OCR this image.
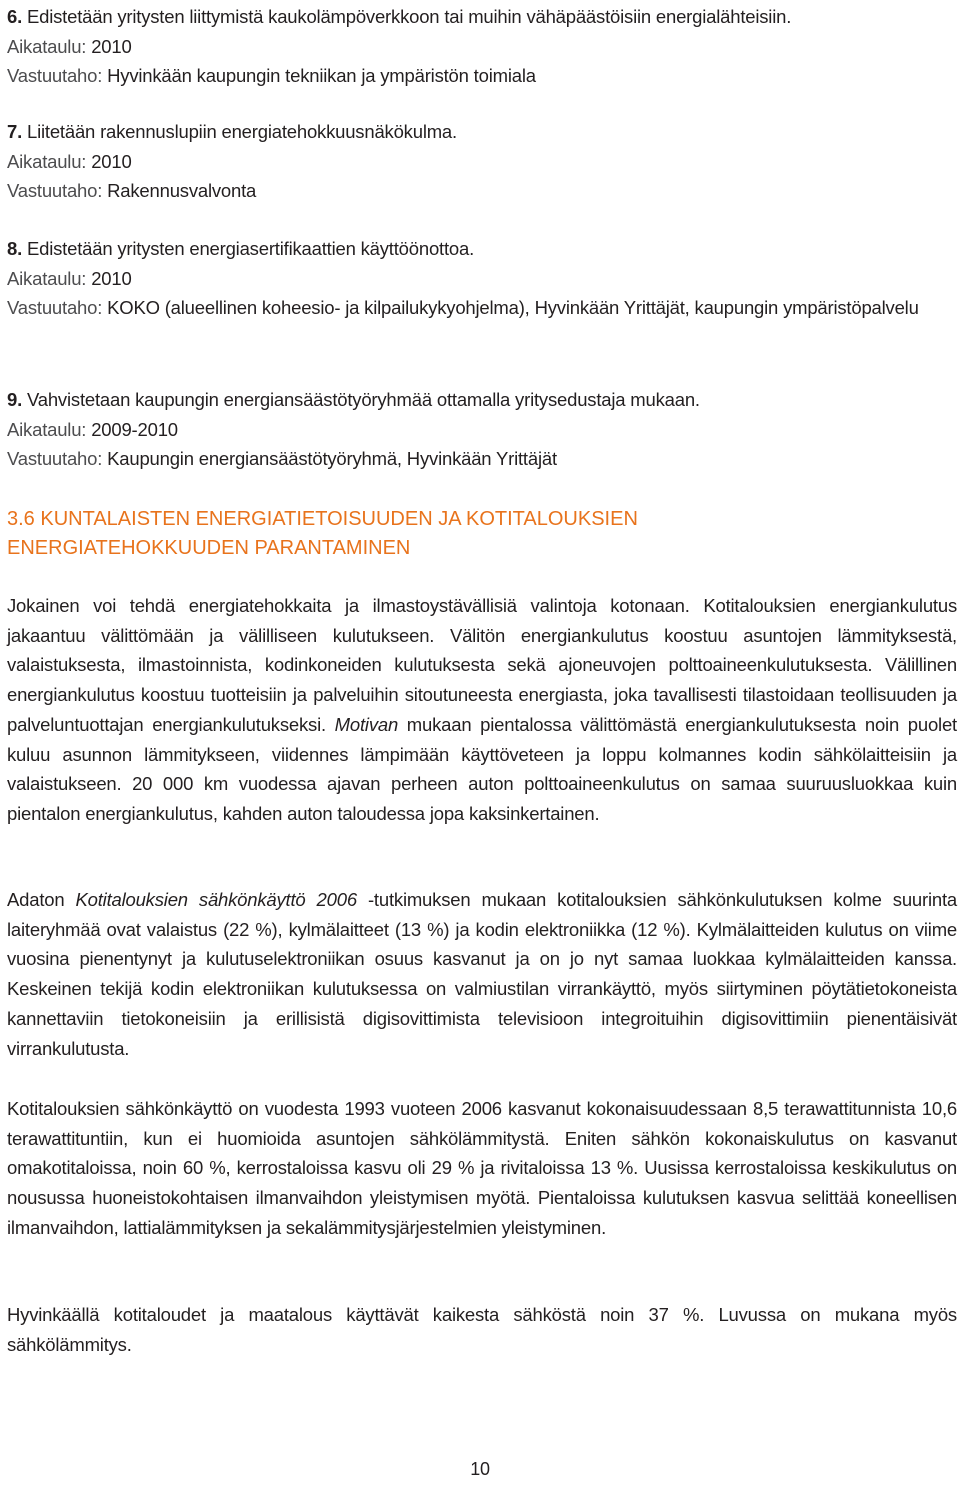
6. Edistetään yritysten liittymistä kaukolämpöverkkoon tai muihin vähäpäästöisiin energialähteisiin.

Aikataulu: 2010

Vastuutaho: Hyvinkään kaupungin tekniikan ja ympäristön toimiala

7. Liitetään rakennuslupiin energiatehokkuusnäkökulma.

Aikataulu: 2010

Vastuutaho: Rakennusvalvonta

8. Edistetään yritysten energiasertifikaattien käyttöönottoa.

Aikataulu: 2010

Vastuutaho: KOKO (alueellinen koheesio- ja kilpailukykyohjelma), Hyvinkään Yrittäjät, kaupungin ympäristöpalvelu

9. Vahvistetaan kaupungin energiansäästötyöryhmää ottamalla yritysedustaja mukaan.

Aikataulu: 2009-2010

Vastuutaho: Kaupungin energiansäästötyöryhmä, Hyvinkään Yrittäjät

3.6 KUNTALAISTEN ENERGIATIETOISUUDEN JA KOTITALOUKSIEN
ENERGIATEHOKKUUDEN PARANTAMINEN

Jokainen voi tehdä energiatehokkaita ja ilmastoystävällisiä valintoja kotonaan. Kotitalouksien energiankulutus jakaantuu välittömään ja välilliseen kulutukseen. Välitön energiankulutus koostuu asuntojen lämmityksestä, valaistuksesta, ilmastoinnista, kodinkoneiden kulutuksesta sekä ajoneuvojen polttoaineenkulutuksesta. Välillinen energiankulutus koostuu tuotteisiin ja palveluihin sitoutuneesta energiasta, joka tavallisesti tilastoidaan teollisuuden ja palveluntuottajan energiankulutukseksi. Motivan mukaan pientalossa välittömästä energiankulutuksesta noin puolet kuluu asunnon lämmitykseen, viidennes lämpimään käyttöveteen ja loppu kolmannes kodin sähkölaitteisiin ja valaistukseen. 20 000 km vuodessa ajavan perheen auton polttoaineenkulutus on samaa suuruusluokkaa kuin pientalon energiankulutus, kahden auton taloudessa jopa kaksinkertainen.

Adaton Kotitalouksien sähkönkäyttö 2006 -tutkimuksen mukaan kotitalouksien sähkönkulutuksen kolme suurinta laiteryhmää ovat valaistus (22 %), kylmälaitteet (13 %) ja kodin elektroniikka (12 %). Kylmälaitteiden kulutus on viime vuosina pienentynyt ja kulutuselektroniikan osuus kasvanut ja on jo nyt samaa luokkaa kylmälaitteiden kanssa. Keskeinen tekijä kodin elektroniikan kulutuksessa on valmiustilan virrankäyttö, myös siirtyminen pöytätietokoneista kannettaviin tietokoneisiin ja erillisistä digisovittimista televisioon integroituihin digisovittimiin pienentäisivät virrankulutusta.

Kotitalouksien sähkönkäyttö on vuodesta 1993 vuoteen 2006 kasvanut kokonaisuudessaan 8,5 terawattitunnista 10,6 terawattituntiin, kun ei huomioida asuntojen sähkölämmitystä. Eniten sähkön kokonaiskulutus on kasvanut omakotitaloissa, noin 60 %, kerrostaloissa kasvu oli 29 % ja rivitaloissa 13 %. Uusissa kerrostaloissa keskikulutus on nousussa huoneistokohtaisen ilmanvaihdon yleistymisen myötä. Pientaloissa kulutuksen kasvua selittää koneellisen ilmanvaihdon, lattialämmityksen ja sekalämmitysjärjestelmien yleistyminen.

Hyvinkäällä kotitaloudet ja maatalous käyttävät kaikesta sähköstä noin 37 %. Luvussa on mukana myös sähkölämmitys.

10
